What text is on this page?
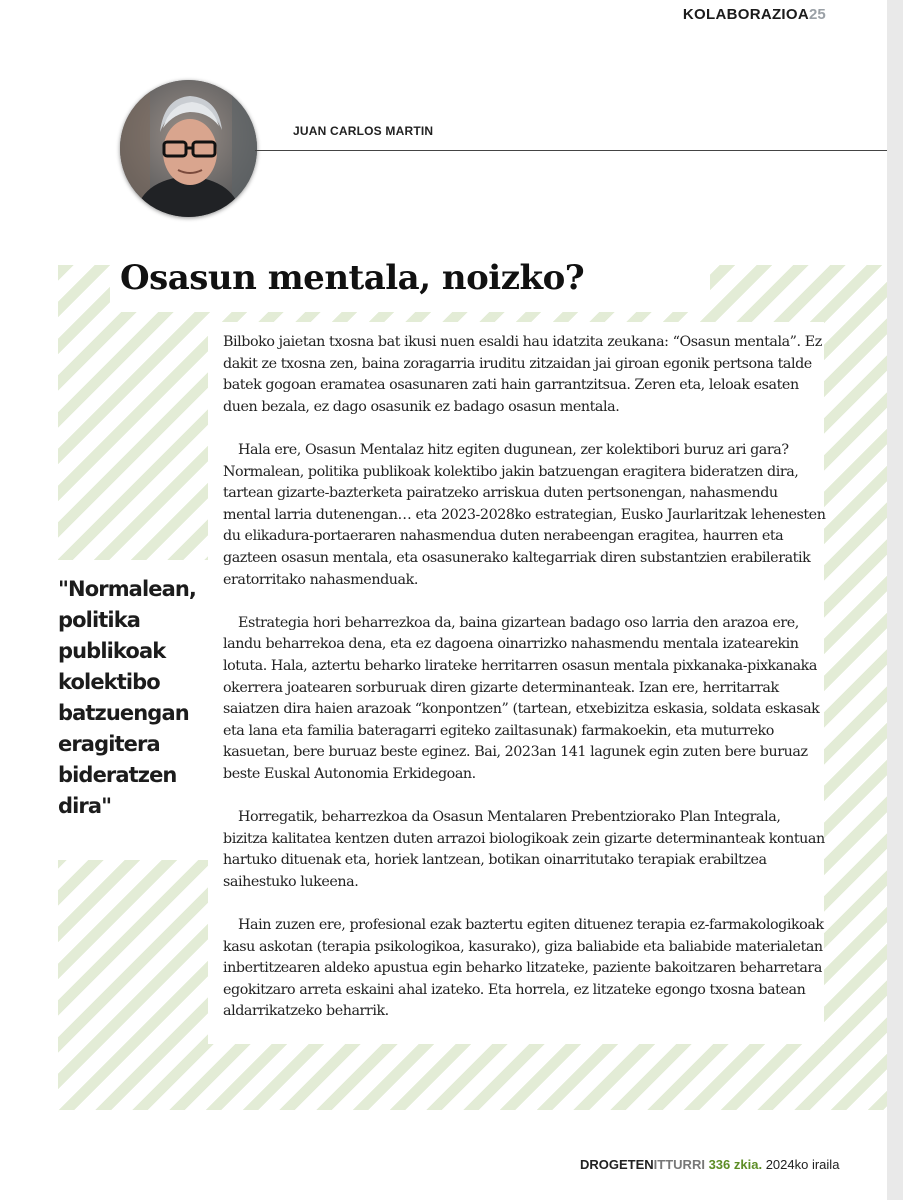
KOLABORAZIOA 25
JUAN CARLOS MARTIN
Osasun mentala, noizko?
"Normalean,
politika
publikoak
kolektibo
batzuengan
eragitera
bideratzen
dira"

Bilboko jaietan txosna bat ikusi nuen esaldi hau idatzita zeukana: “Osasun mentala”. Ez dakit ze txosna zen, baina zoragarria iruditu zitzaidan jai giroan egonik pertsona talde batek gogoan eramatea osasunaren zati hain garrantzitsua. Zeren eta, leloak esaten duen bezala, ez dago osasunik ez badago osasun mentala.

Hala ere, Osasun Mentalaz hitz egiten dugunean, zer kolektibori buruz ari gara? Normalean, politika publikoak kolektibo jakin batzuengan eragitera bideratzen dira, tartean gizarte-bazterketa pairatzeko arriskua duten pertsonengan, nahasmendu mental larria dutenengan… eta 2023-2028ko estrategian, Eusko Jaurlaritzak lehenesten du elikadura-portaeraren nahasmendua duten nerabeengan eragitea, haurren eta gazteen osasun mentala, eta osasunerako kaltegarriak diren substantzien erabileratik eratorritako nahasmenduak.

Estrategia hori beharrezkoa da, baina gizartean badago oso larria den arazoa ere, landu beharrekoa dena, eta ez dagoena oinarrizko nahasmendu mentala izatearekin lotuta. Hala, aztertu beharko lirateke herritarren osasun mentala pixkanaka-pixkanaka okerrera joatearen sorburuak diren gizarte determinanteak. Izan ere, herritarrak saiatzen dira haien arazoak “konpontzen” (tartean, etxebizitza eskasia, soldata eskasak eta lana eta familia bateragarri egiteko zailtasunak) farmakoekin, eta muturreko kasuetan, bere buruaz beste eginez. Bai, 2023an 141 lagunek egin zuten bere buruaz beste Euskal Autonomia Erkidegoan.

Horregatik, beharrezkoa da Osasun Mentalaren Prebentziorako Plan Integrala, bizitza kalitatea kentzen duten arrazoi biologikoak zein gizarte determinanteak kontuan hartuko dituenak eta, horiek lantzean, botikan oinarritutako terapiak erabiltzea saihestuko lukeena.

Hain zuzen ere, profesional ezak baztertu egiten dituenez terapia ez-farmakologikoak kasu askotan (terapia psikologikoa, kasurako), giza baliabide eta baliabide materialetan inbertitzearen aldeko apustua egin beharko litzateke, paziente bakoitzaren beharretara egokitzaro arreta eskaini ahal izateko. Eta horrela, ez litzateke egongo txosna batean aldarrikatzeko beharrik.

DROGETENITTURRI 336 zkia. 2024ko iraila
